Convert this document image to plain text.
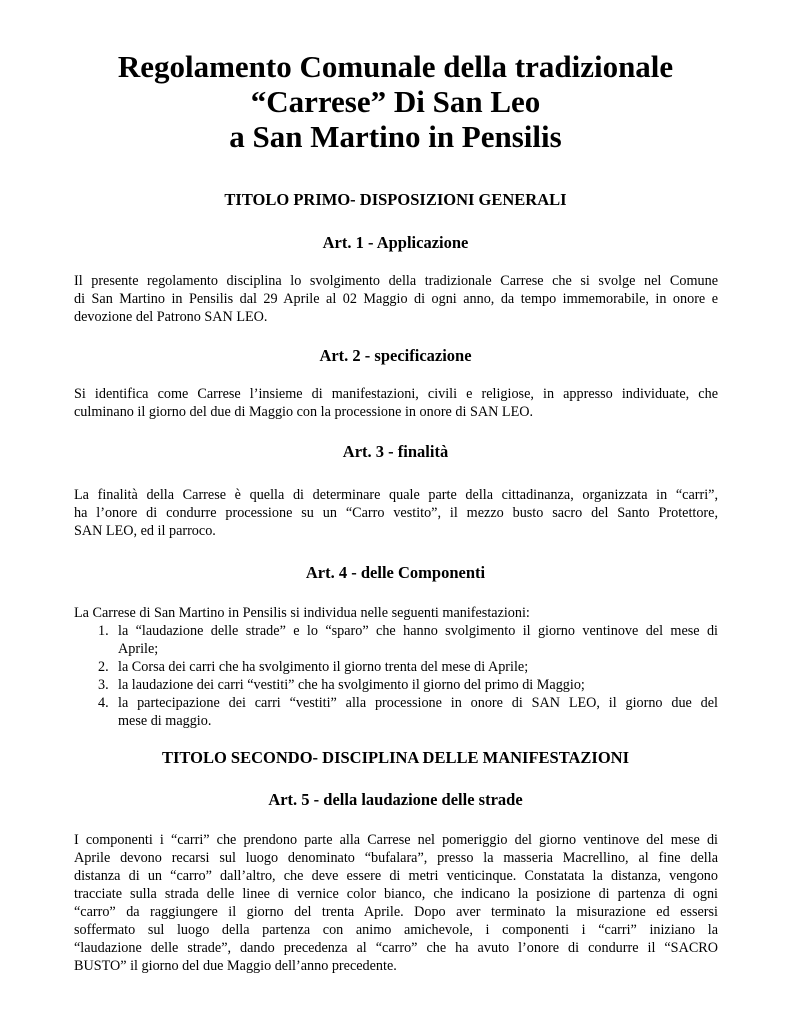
Regolamento Comunale della tradizionale
“Carrese” Di San Leo
a San Martino in Pensilis
TITOLO PRIMO- DISPOSIZIONI GENERALI
Art. 1 - Applicazione
Il presente regolamento disciplina lo svolgimento della tradizionale Carrese che si svolge nel Comune
di San Martino in Pensilis dal 29 Aprile al 02 Maggio di ogni anno, da tempo immemorabile, in onore e
devozione del Patrono SAN LEO.
Art. 2 - specificazione
Si identifica come Carrese l’insieme di manifestazioni, civili e religiose, in appresso individuate, che
culminano il giorno del due di Maggio con la processione in onore di SAN LEO.
Art. 3 - finalità
La finalità della Carrese è quella di determinare quale parte della cittadinanza, organizzata in “carri”,
ha l’onore di condurre processione su un “Carro vestito”, il mezzo busto sacro del Santo Protettore,
SAN LEO, ed il parroco.
Art. 4 - delle Componenti
La Carrese di San Martino in Pensilis si individua nelle seguenti manifestazioni:
1. la “laudazione delle strade” e lo “sparo” che hanno svolgimento il giorno ventinove del mese di
Aprile;
2. la Corsa dei carri che ha svolgimento il giorno trenta del mese di Aprile;
3. la laudazione dei carri “vestiti” che ha svolgimento il giorno del primo di Maggio;
4. la partecipazione dei carri “vestiti” alla processione in onore di SAN LEO, il giorno due del
mese di maggio.
TITOLO SECONDO- DISCIPLINA DELLE MANIFESTAZIONI
Art. 5 - della laudazione delle strade
I componenti i “carri” che prendono parte alla Carrese nel pomeriggio del giorno ventinove del mese di
Aprile devono recarsi sul luogo denominato “bufalara”, presso la masseria Macrellino, al fine della
distanza di un “carro” dall’altro, che deve essere di metri venticinque. Constatata la distanza, vengono
tracciate sulla strada delle linee di vernice color bianco, che indicano la posizione di partenza di ogni
“carro” da raggiungere il giorno del trenta Aprile. Dopo aver terminato la misurazione ed essersi
soffermato sul luogo della partenza con animo amichevole, i componenti i “carri” iniziano la
“laudazione delle strade”, dando precedenza al “carro” che ha avuto l’onore di condurre il “SACRO
BUSTO” il giorno del due Maggio dell’anno precedente.
